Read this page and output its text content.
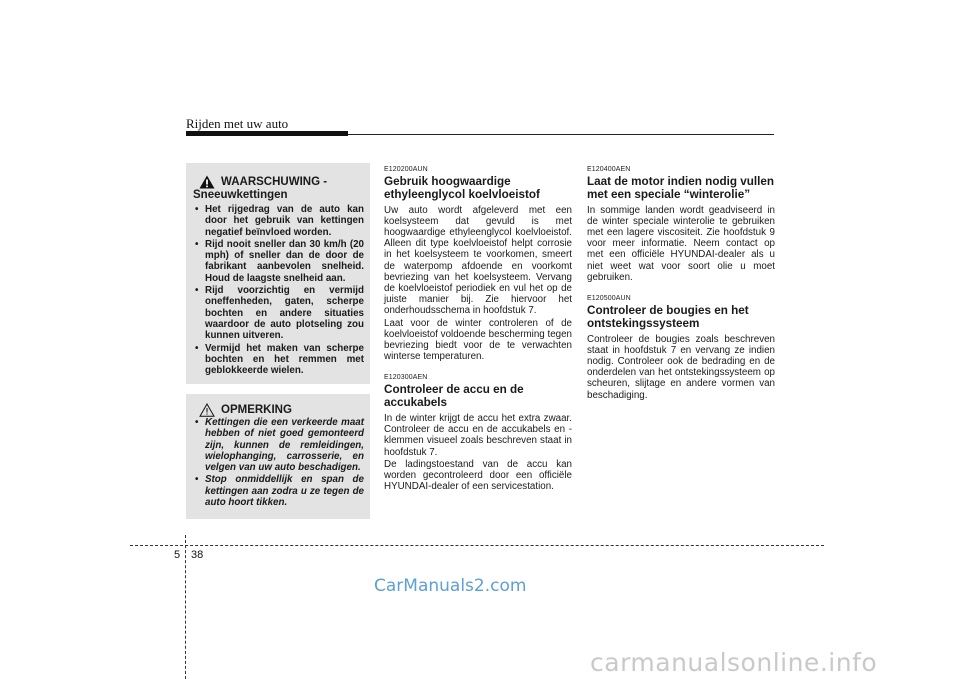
Rijden met uw auto
WAARSCHUWING -
Sneeuwkettingen
• Het rijgedrag van de auto kan door het gebruik van kettingen negatief beïnvloed worden.
• Rijd nooit sneller dan 30 km/h (20 mph) of sneller dan de door de fabrikant aanbevolen snelheid. Houd de laagste snelheid aan.
• Rijd voorzichtig en vermijd oneffenheden, gaten, scherpe bochten en andere situaties waardoor de auto plotseling zou kunnen uitveren.
• Vermijd het maken van scherpe bochten en het remmen met geblokkeerde wielen.
OPMERKING
• Kettingen die een verkeerde maat hebben of niet goed gemonteerd zijn, kunnen de remleidingen, wielophanging, carrosserie, en velgen van uw auto beschadigen.
• Stop onmiddellijk en span de kettingen aan zodra u ze tegen de auto hoort tikken.
E120200AUN
Gebruik hoogwaardige ethyleenglycol koelvloeistof

Uw auto wordt afgeleverd met een koelsysteem dat gevuld is met hoogwaardige ethyleenglycol koelvloeistof. Alleen dit type koelvloeistof helpt corrosie in het koelsysteem te voorkomen, smeert de waterpomp afdoende en voorkomt bevriezing van het koelsysteem. Vervang de koelvloeistof periodiek en vul het op de juiste manier bij. Zie hiervoor het onderhoudsschema in hoofdstuk 7.

Laat voor de winter controleren of de koelvloeistof voldoende bescherming tegen bevriezing biedt voor de te verwachten winterse temperaturen.

E120300AEN
Controleer de accu en de accukabels

In de winter krijgt de accu het extra zwaar. Controleer de accu en de accukabels en -klemmen visueel zoals beschreven staat in hoofdstuk 7.

De ladingstoestand van de accu kan worden gecontroleerd door een officiële HYUNDAI-dealer of een servicestation.

E120400AEN
Laat de motor indien nodig vullen met een speciale “winterolie”

In sommige landen wordt geadviseerd in de winter speciale winterolie te gebruiken met een lagere viscositeit. Zie hoofdstuk 9 voor meer informatie. Neem contact op met een officiële HYUNDAI-dealer als u niet weet wat voor soort olie u moet gebruiken.

E120500AUN
Controleer de bougies en het ontstekingssysteem

Controleer de bougies zoals beschreven staat in hoofdstuk 7 en vervang ze indien nodig. Controleer ook de bedrading en de onderdelen van het ontstekingssysteem op scheuren, slijtage en andere vormen van beschadiging.

5 38
CarManuals2.com
carmanualsonline.info
